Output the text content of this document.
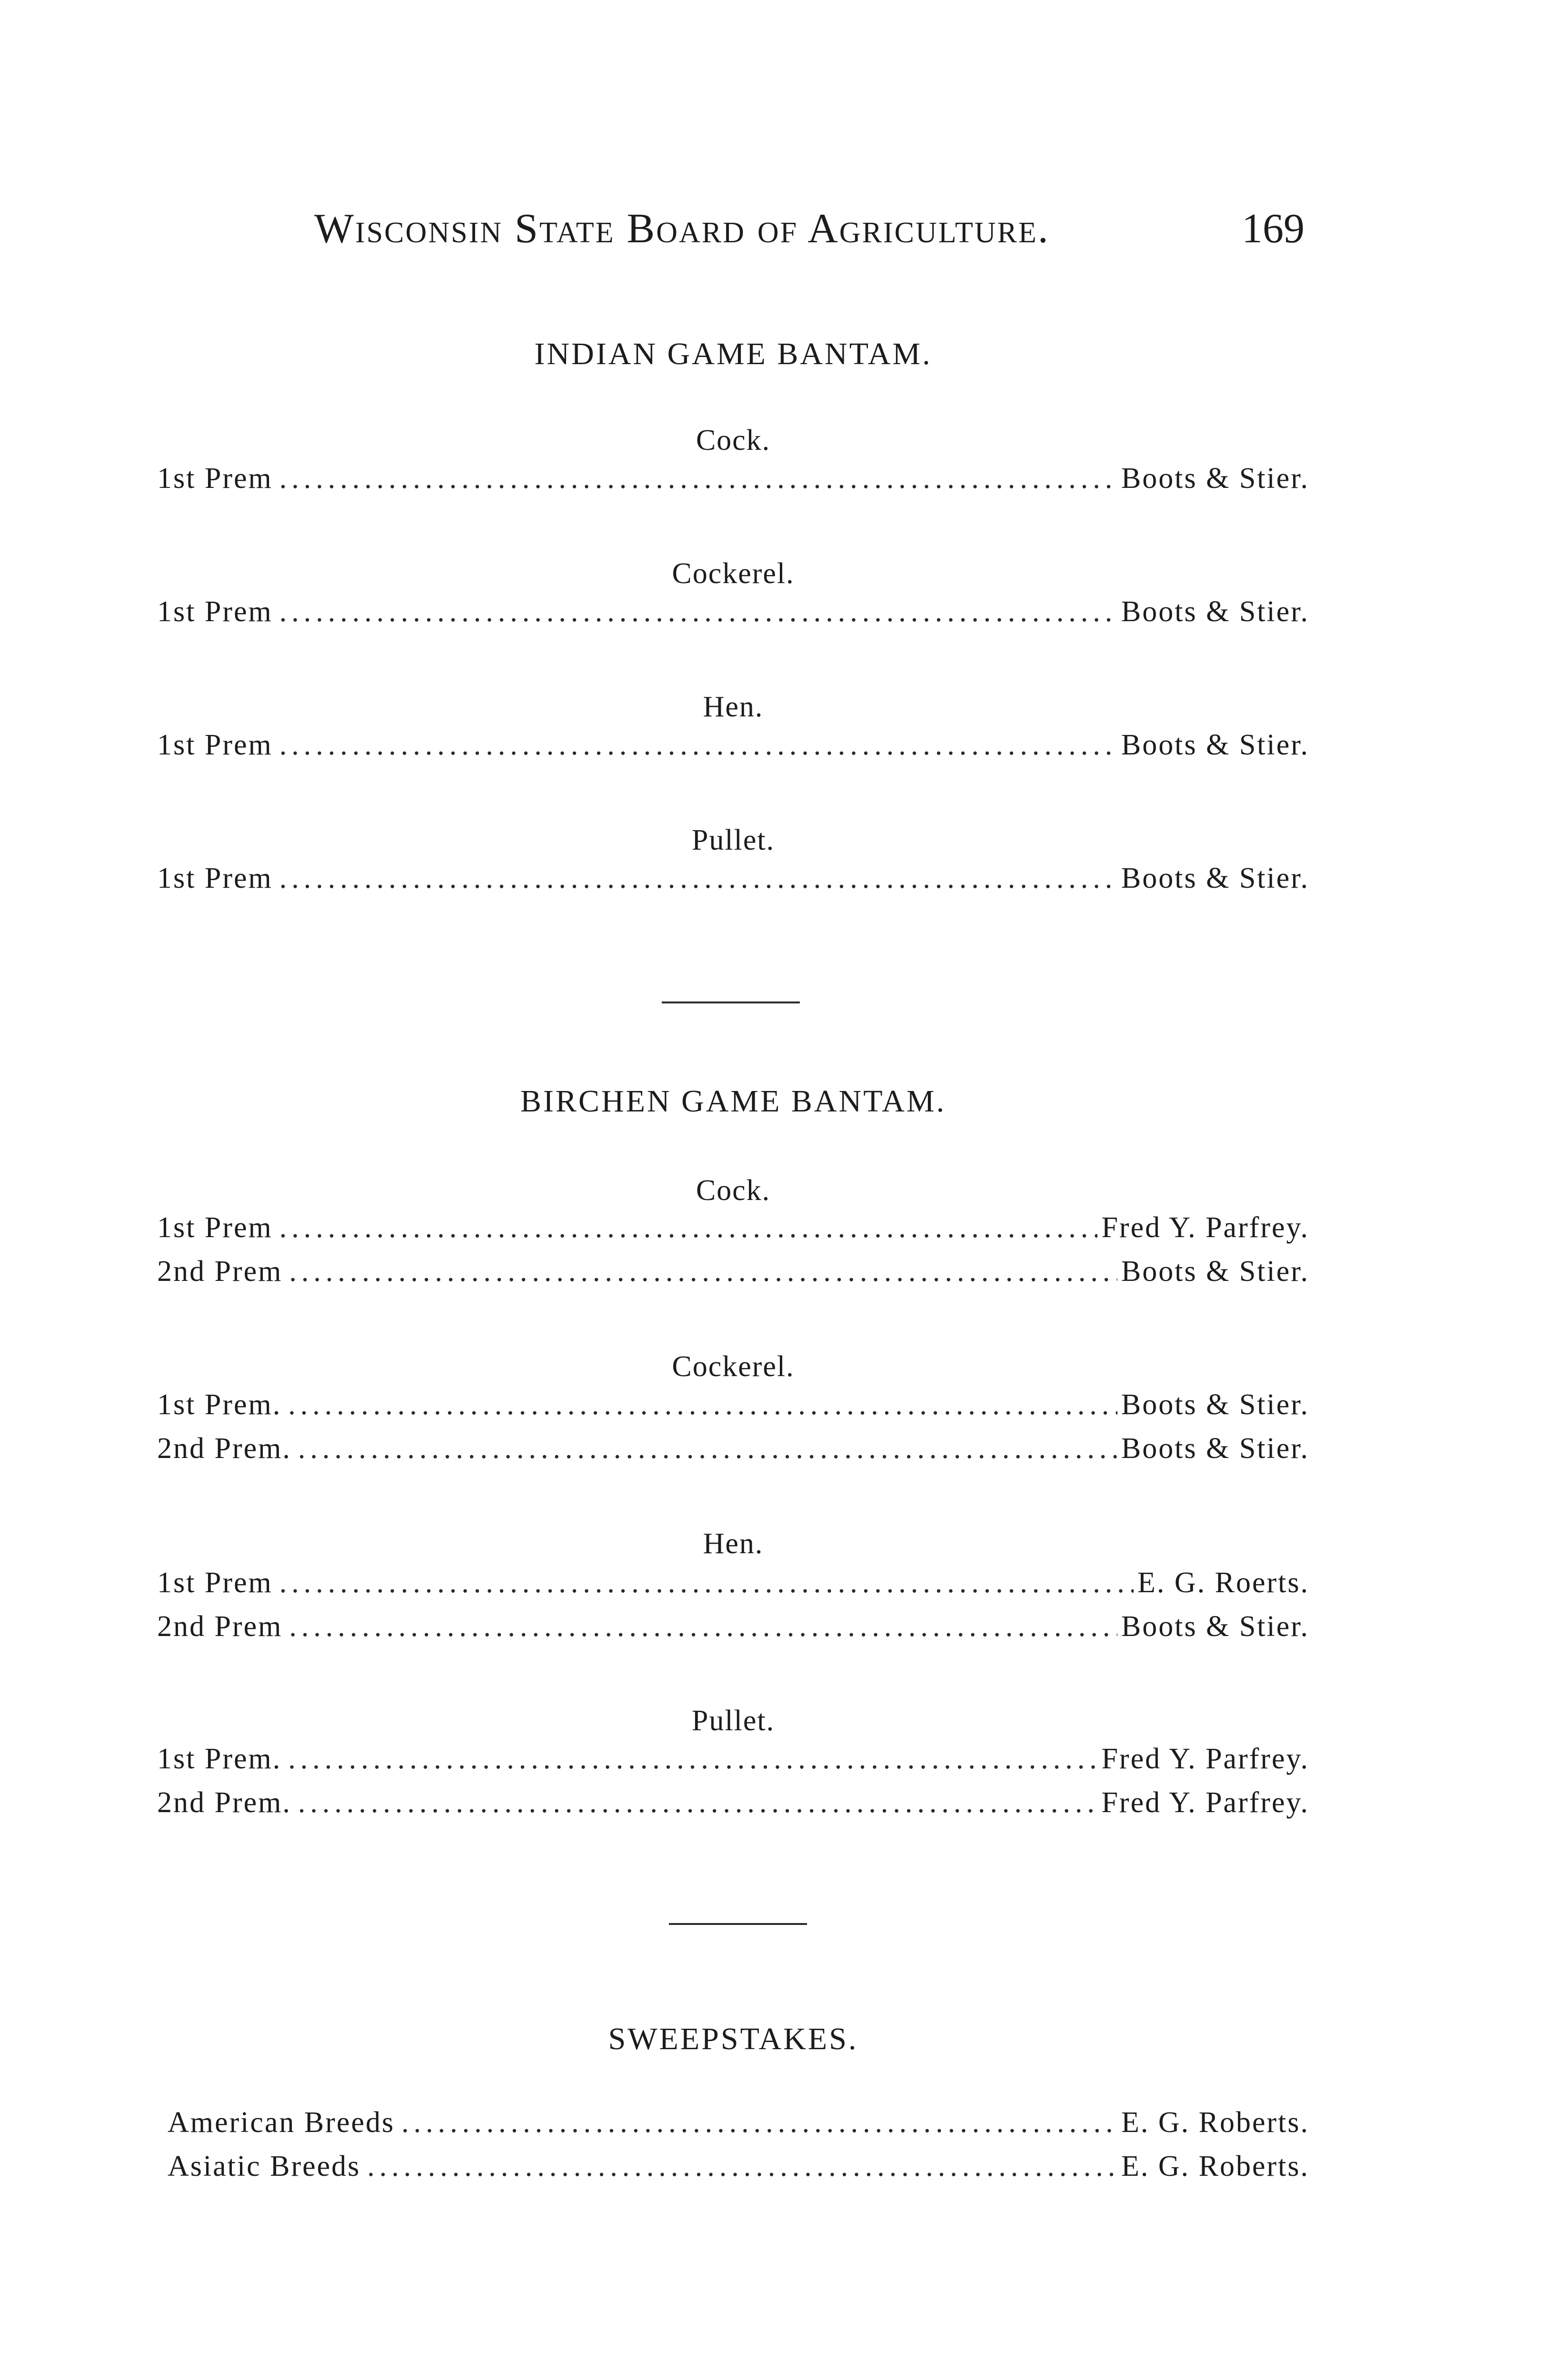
Wisconsin State Board of Agriculture.	169
INDIAN GAME BANTAM.
Cock.
1st Prem .....	Boots & Stier.
Cockerel.
1st Prem .....	Boots & Stier.
Hen.
1st Prem .....	Boots & Stier.
Pullet.
1st Prem .....	Boots & Stier.
BIRCHEN GAME BANTAM.
Cock.
1st Prem .....	Fred Y. Parfrey.
2nd Prem .....	Boots & Stier.
Cockerel.
1st Prem. .....	Boots & Stier.
2nd Prem. .....	Boots & Stier.
Hen.
1st Prem .....	E. G. Roerts.
2nd Prem .....	Boots & Stier.
Pullet.
1st Prem. .....	Fred Y. Parfrey.
2nd Prem. .....	Fred Y. Parfrey.
SWEEPSTAKES.
American Breeds .....	E. G. Roberts.
Asiatic Breeds .....	E. G. Roberts.
